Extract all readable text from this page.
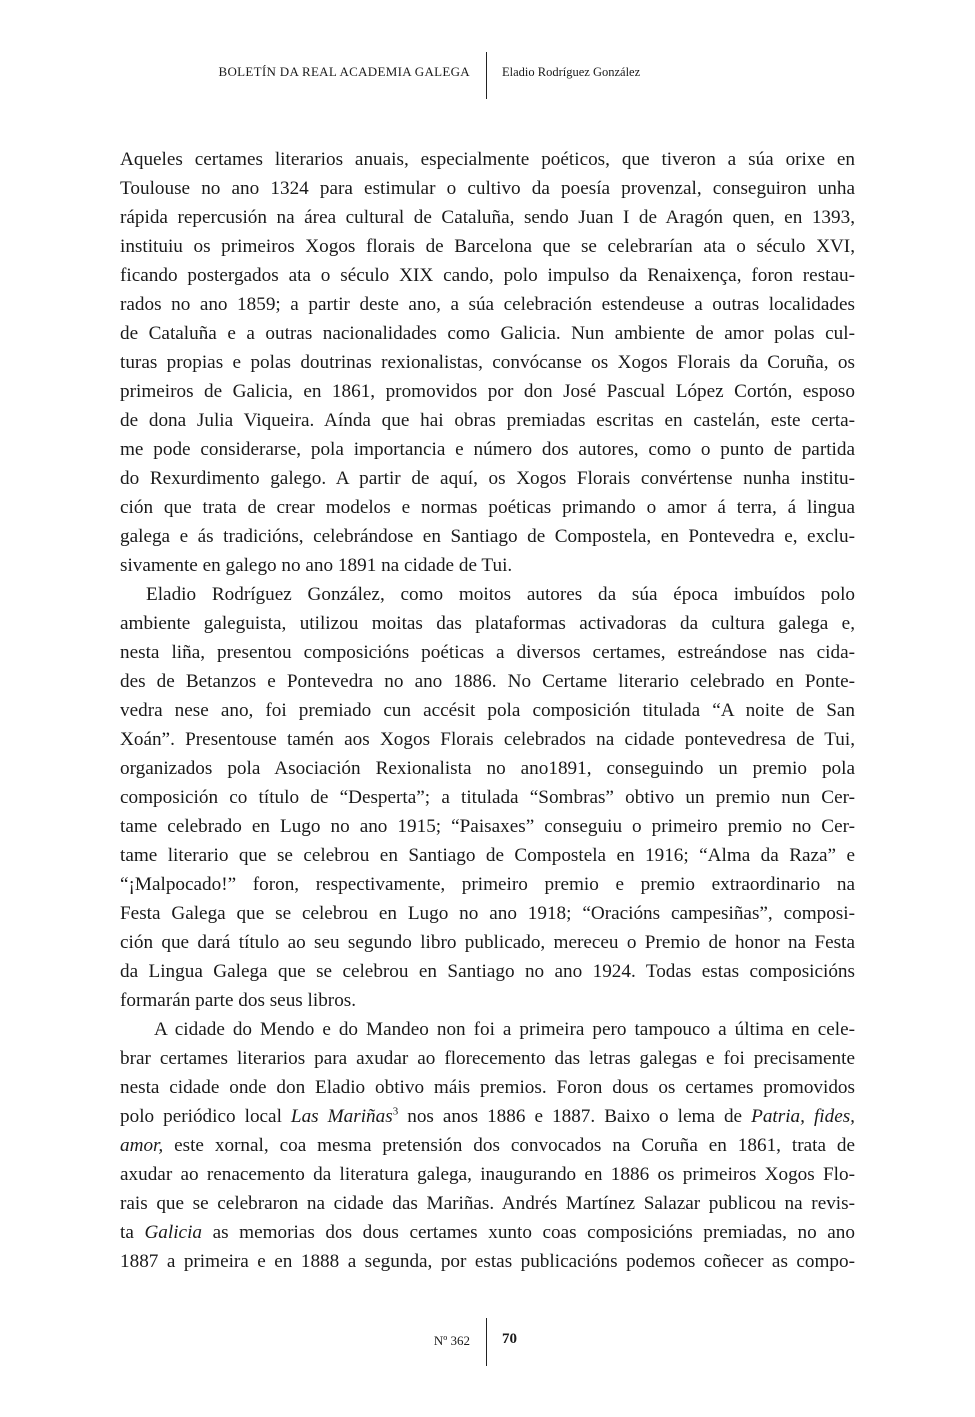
BOLETÍN DA REAL ACADEMIA GALEGA	Eladio Rodríguez González
Aqueles certames literarios anuais, especialmente poéticos, que tiveron a súa orixe en
Toulouse no ano 1324 para estimular o cultivo da poesía provenzal, conseguiron unha
rápida repercusión na área cultural de Cataluña, sendo Juan I de Aragón quen, en 1393,
instituiu os primeiros Xogos florais de Barcelona que se celebrarían ata o século XVI,
ficando postergados ata o século XIX cando, polo impulso da Renaixença, foron restau-
rados no ano 1859; a partir deste ano, a súa celebración estendeuse a outras localidades
de Cataluña e a outras nacionalidades como Galicia. Nun ambiente de amor polas cul-
turas propias e polas doutrinas rexionalistas, convócanse os Xogos Florais da Coruña, os
primeiros de Galicia, en 1861, promovidos por don José Pascual López Cortón, esposo
de dona Julia Viqueira. Aínda que hai obras premiadas escritas en castelán, este certa-
me pode considerarse, pola importancia e número dos autores, como o punto de partida
do Rexurdimento galego. A partir de aquí, os Xogos Florais convértense nunha institu-
ción que trata de crear modelos e normas poéticas primando o amor á terra, á lingua
galega e ás tradicións, celebrándose en Santiago de Compostela, en Pontevedra e, exclu-
sivamente en galego no ano 1891 na cidade de Tui.
Eladio Rodríguez González, como moitos autores da súa época imbuídos polo
ambiente galeguista, utilizou moitas das plataformas activadoras da cultura galega e,
nesta liña, presentou composicións poéticas a diversos certames, estreándose nas cida-
des de Betanzos e Pontevedra no ano 1886. No Certame literario celebrado en Ponte-
vedra nese ano, foi premiado cun accésit pola composición titulada “A noite de San
Xoán”. Presentouse tamén aos Xogos Florais celebrados na cidade pontevedresa de Tui,
organizados pola Asociación Rexionalista no ano1891, conseguindo un premio pola
composición co título de “Desperta”; a titulada “Sombras” obtivo un premio nun Cer-
tame celebrado en Lugo no ano 1915; “Paisaxes” conseguiu o primeiro premio no Cer-
tame literario que se celebrou en Santiago de Compostela en 1916; “Alma da Raza” e
“¡Malpocado!” foron, respectivamente, primeiro premio e premio extraordinario na
Festa Galega que se celebrou en Lugo no ano 1918; “Oracións campesiñas”, composi-
ción que dará título ao seu segundo libro publicado, mereceu o Premio de honor na Festa
da Lingua Galega que se celebrou en Santiago no ano 1924. Todas estas composicións
formarán parte dos seus libros.
A cidade do Mendo e do Mandeo non foi a primeira pero tampouco a última en cele-
brar certames literarios para axudar ao florecemento das letras galegas e foi precisamente
nesta cidade onde don Eladio obtivo máis premios. Foron dous os certames promovidos
polo periódico local Las Mariñas$^3$ nos anos 1886 e 1887. Baixo o lema de Patria, fides,
amor, este xornal, coa mesma pretensión dos convocados na Coruña en 1861, trata de
axudar ao renacemento da literatura galega, inaugurando en 1886 os primeiros Xogos Flo-
rais que se celebraron na cidade das Mariñas. Andrés Martínez Salazar publicou na revis-
ta Galicia as memorias dos dous certames xunto coas composicións premiadas, no ano
1887 a primeira e en 1888 a segunda, por estas publicacións podemos coñecer as compo-
Nº 362 70
